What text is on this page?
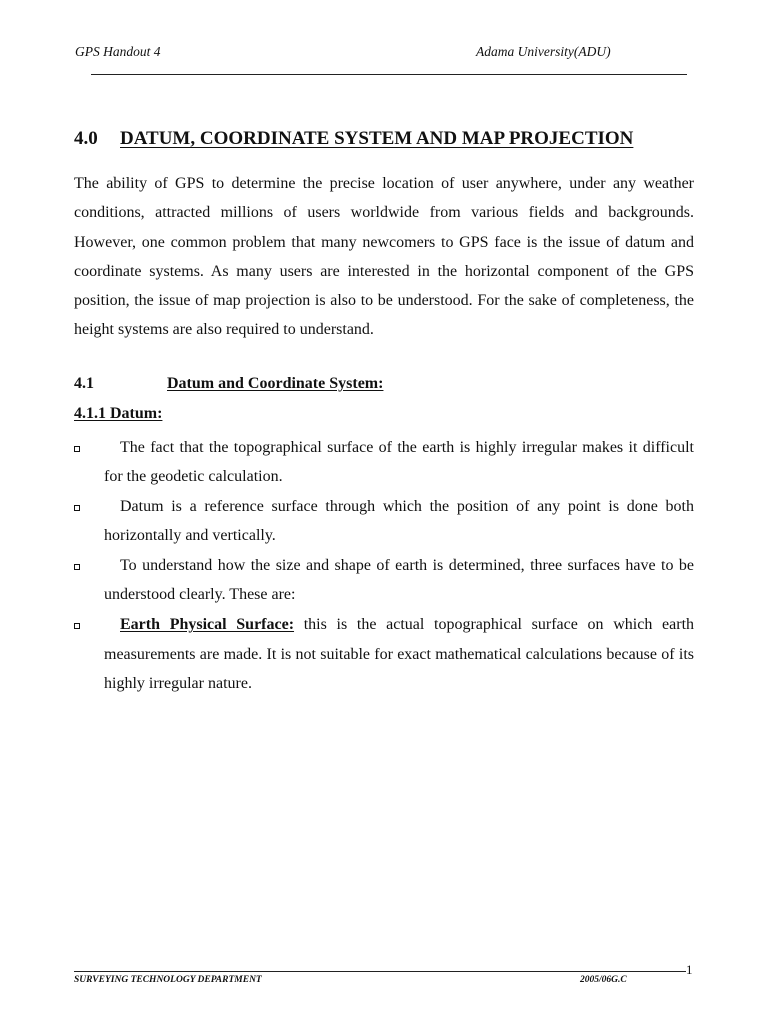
GPS Handout 4	Adama University(ADU)
4.0 DATUM, COORDINATE SYSTEM AND MAP PROJECTION

The ability of GPS to determine the precise location of user anywhere, under any weather conditions, attracted millions of users worldwide from various fields and backgrounds. However, one common problem that many newcomers to GPS face is the issue of datum and coordinate systems. As many users are interested in the horizontal component of the GPS position, the issue of map projection is also to be understood. For the sake of completeness, the height systems are also required to understand.

4.1	Datum and Coordinate System:
4.1.1 Datum:
The fact that the topographical surface of the earth is highly irregular makes it difficult for the geodetic calculation.
Datum is a reference surface through which the position of any point is done both horizontally and vertically.
To understand how the size and shape of earth is determined, three surfaces have to be understood clearly. These are:
Earth Physical Surface: this is the actual topographical surface on which earth measurements are made. It is not suitable for exact mathematical calculations because of its highly irregular nature.
1
SURVEYING TECHNOLOGY DEPARTMENT	2005/06G.C
